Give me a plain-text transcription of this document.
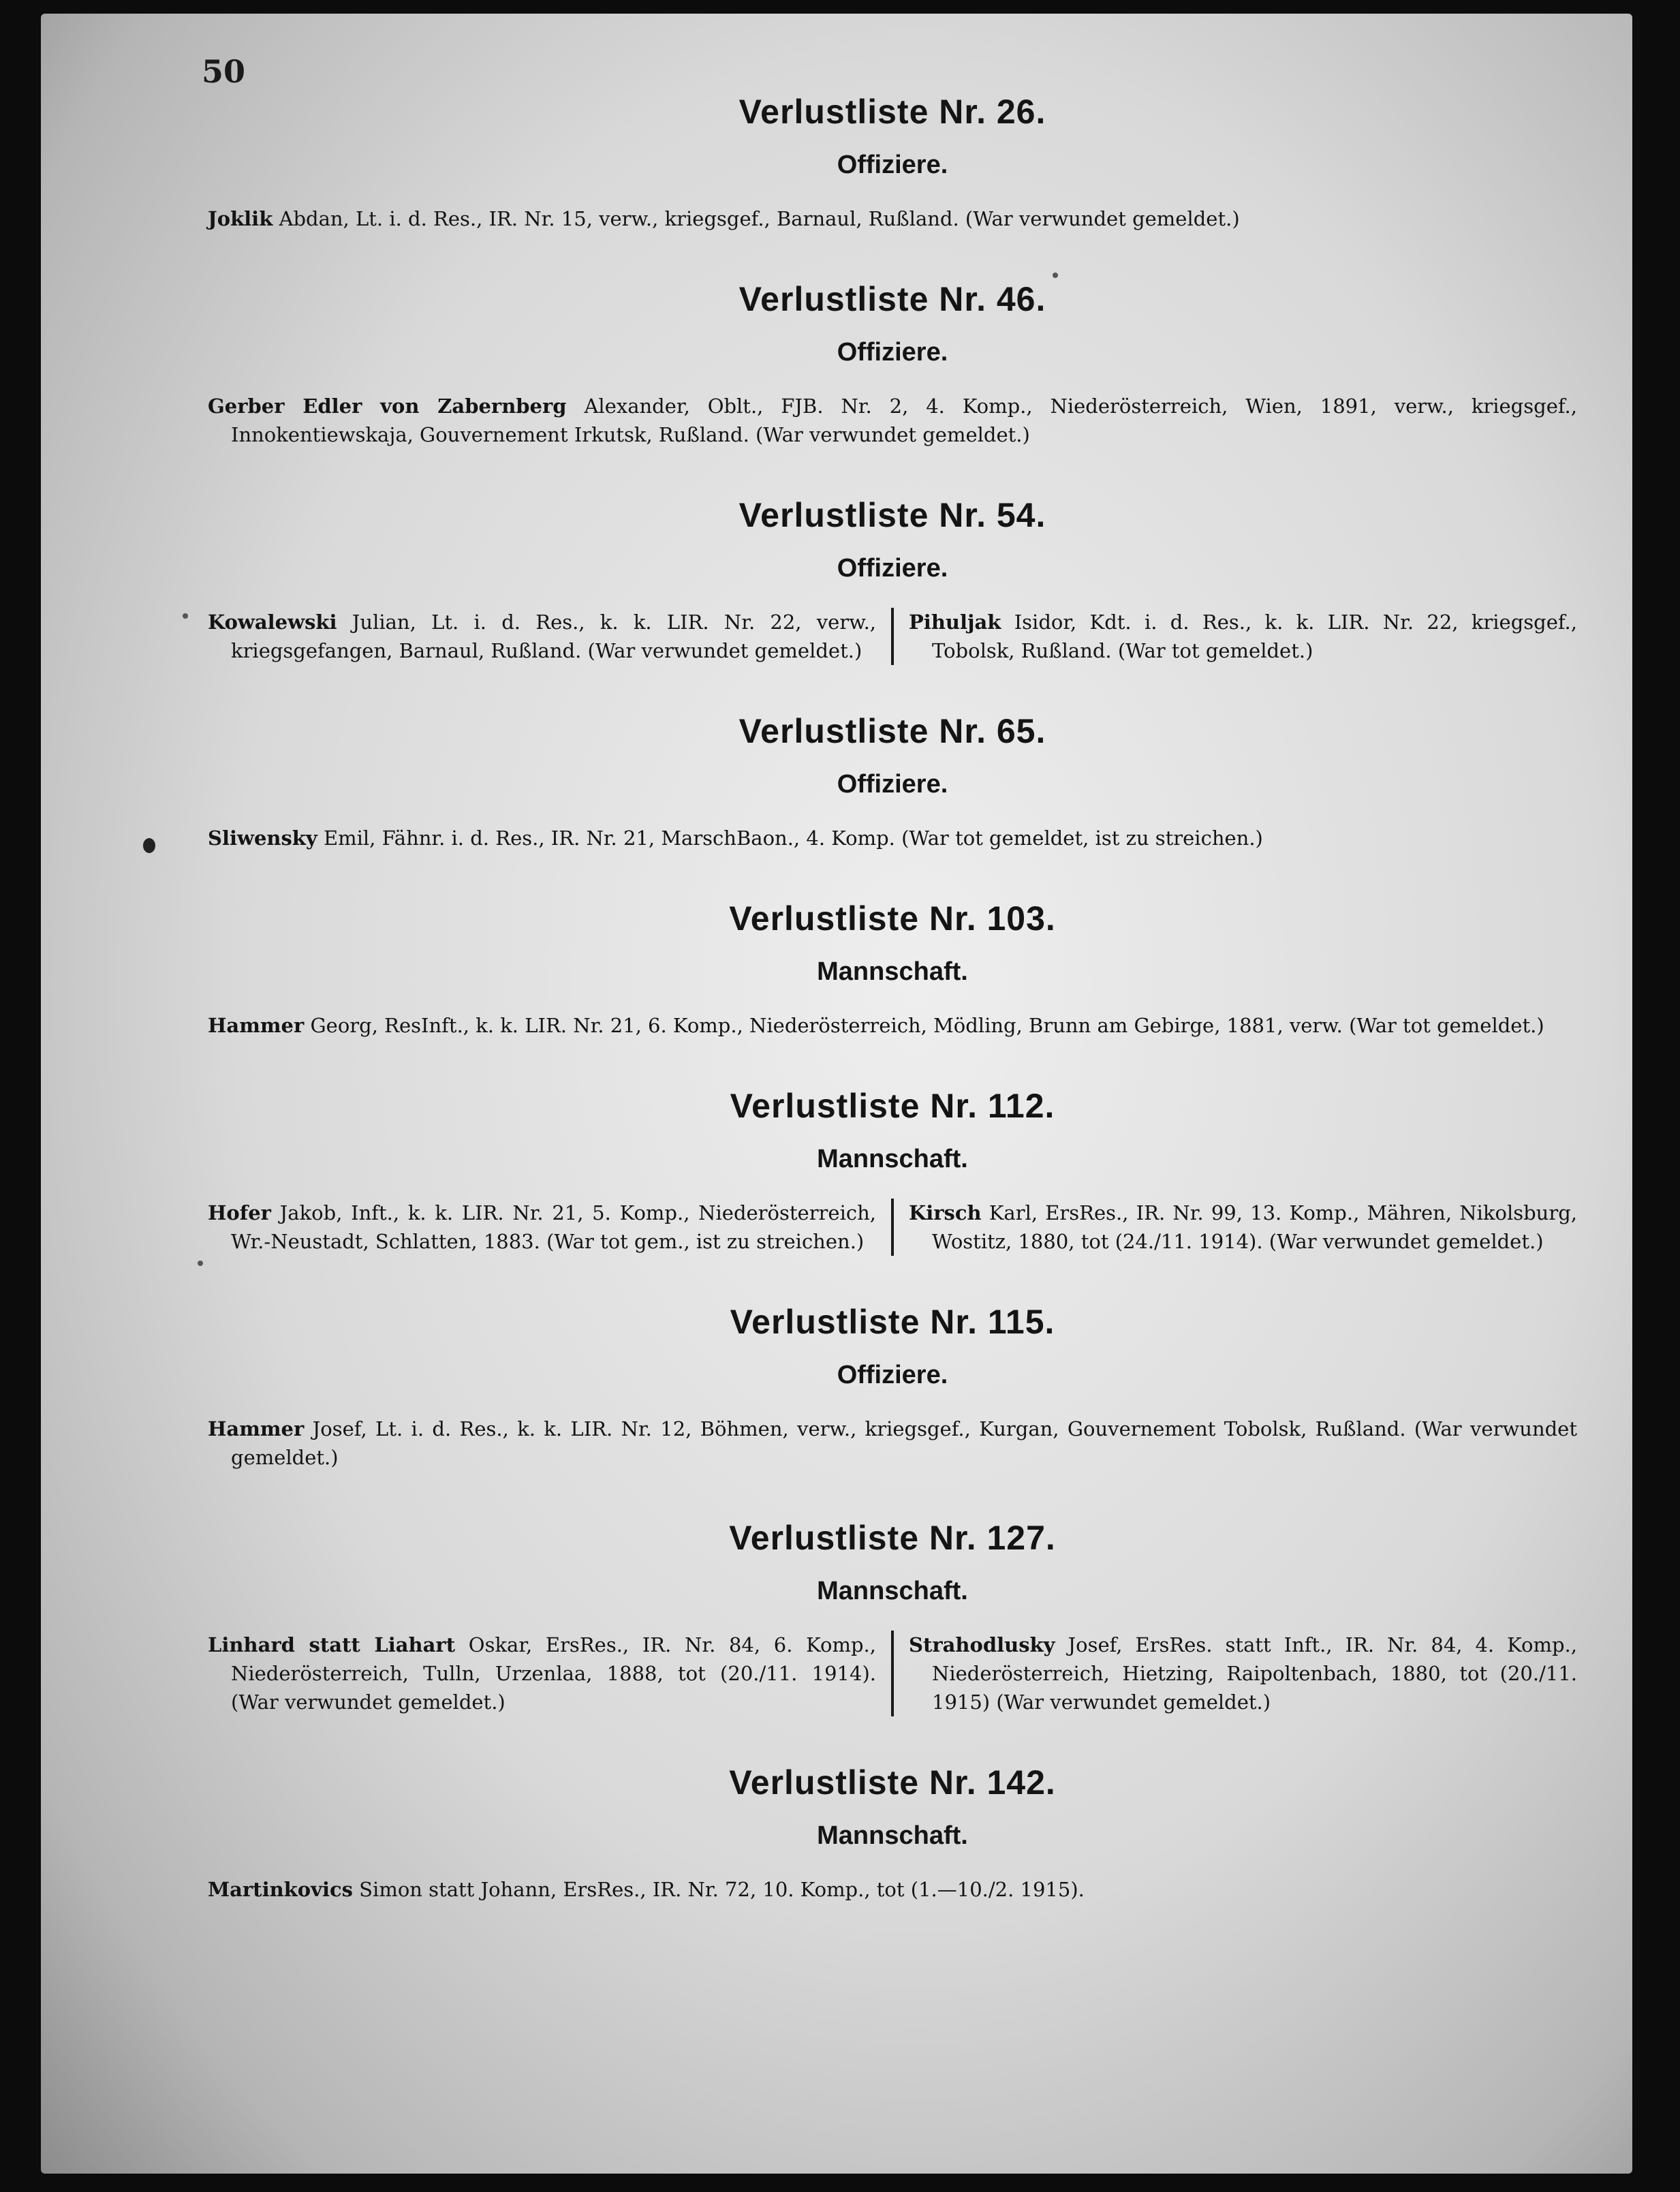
50
Verlustliste Nr. 26.
Offiziere.
Joklik Abdan, Lt. i. d. Res., IR. Nr. 15, verw., kriegsgef., Barnaul, Rußland. (War verwundet gemeldet.)
Verlustliste Nr. 46.
Offiziere.
Gerber Edler von Zabernberg Alexander, Oblt., FJB. Nr. 2, 4. Komp., Niederösterreich, Wien, 1891, verw., kriegsgef., Innokentiewskaja, Gouvernement Irkutsk, Rußland. (War verwundet gemeldet.)
Verlustliste Nr. 54.
Offiziere.
Kowalewski Julian, Lt. i. d. Res., k. k. LIR. Nr. 22, verw., kriegsgefangen, Barnaul, Rußland. (War verwundet gemeldet.)
Pihuljak Isidor, Kdt. i. d. Res., k. k. LIR. Nr. 22, kriegsgef., Tobolsk, Rußland. (War tot gemeldet.)
Verlustliste Nr. 65.
Offiziere.
Sliwensky Emil, Fähnr. i. d. Res., IR. Nr. 21, MarschBaon., 4. Komp. (War tot gemeldet, ist zu streichen.)
Verlustliste Nr. 103.
Mannschaft.
Hammer Georg, ResInft., k. k. LIR. Nr. 21, 6. Komp., Niederösterreich, Mödling, Brunn am Gebirge, 1881, verw. (War tot gemeldet.)
Verlustliste Nr. 112.
Mannschaft.
Hofer Jakob, Inft., k. k. LIR. Nr. 21, 5. Komp., Niederösterreich, Wr.-Neustadt, Schlatten, 1883. (War tot gem., ist zu streichen.)
Kirsch Karl, ErsRes., IR. Nr. 99, 13. Komp., Mähren, Nikolsburg, Wostitz, 1880, tot (24./11. 1914). (War verwundet gemeldet.)
Verlustliste Nr. 115.
Offiziere.
Hammer Josef, Lt. i. d. Res., k. k. LIR. Nr. 12, Böhmen, verw., kriegsgef., Kurgan, Gouvernement Tobolsk, Rußland. (War verwundet gemeldet.)
Verlustliste Nr. 127.
Mannschaft.
Linhard statt Liahart Oskar, ErsRes., IR. Nr. 84, 6. Komp., Niederösterreich, Tulln, Urzenlaa, 1888, tot (20./11. 1914). (War verwundet gemeldet.)
Strahodlusky Josef, ErsRes. statt Inft., IR. Nr. 84, 4. Komp., Niederösterreich, Hietzing, Raipoltenbach, 1880, tot (20./11. 1915) (War verwundet gemeldet.)
Verlustliste Nr. 142.
Mannschaft.
Martinkovics Simon statt Johann, ErsRes., IR. Nr. 72, 10. Komp., tot (1.—10./2. 1915).
